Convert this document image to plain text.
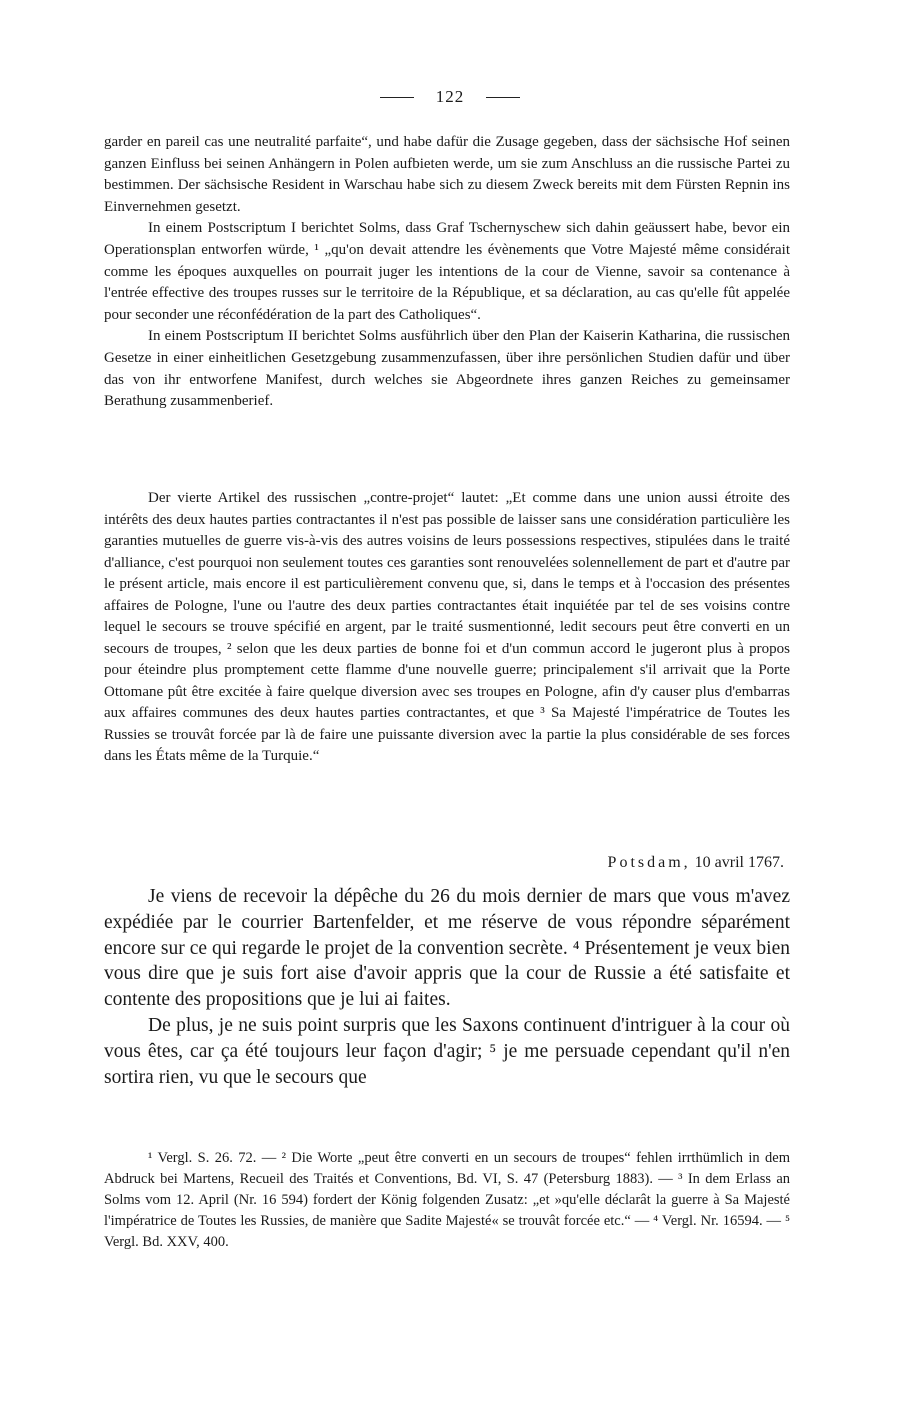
122

garder en pareil cas une neutralité parfaite“, und habe dafür die Zusage gegeben, dass der sächsische Hof seinen ganzen Einfluss bei seinen Anhängern in Polen aufbieten werde, um sie zum Anschluss an die russische Partei zu bestimmen. Der sächsische Resident in Warschau habe sich zu diesem Zweck bereits mit dem Fürsten Repnin ins Einvernehmen gesetzt.

In einem Postscriptum I berichtet Solms, dass Graf Tschernyschew sich dahin geäussert habe, bevor ein Operationsplan entworfen würde, ¹ „qu'on devait attendre les évènements que Votre Majesté même considérait comme les époques auxquelles on pourrait juger les intentions de la cour de Vienne, savoir sa contenance à l'entrée effective des troupes russes sur le territoire de la République, et sa déclaration, au cas qu'elle fût appelée pour seconder une réconfédération de la part des Catholiques“.

In einem Postscriptum II berichtet Solms ausführlich über den Plan der Kaiserin Katharina, die russischen Gesetze in einer einheitlichen Gesetzgebung zusammenzufassen, über ihre persönlichen Studien dafür und über das von ihr entworfene Manifest, durch welches sie Abgeordnete ihres ganzen Reiches zu gemeinsamer Berathung zusammenberief.

Der vierte Artikel des russischen „contre-projet“ lautet: „Et comme dans une union aussi étroite des intérêts des deux hautes parties contractantes il n'est pas possible de laisser sans une considération particulière les garanties mutuelles de guerre vis-à-vis des autres voisins de leurs possessions respectives, stipulées dans le traité d'alliance, c'est pourquoi non seulement toutes ces garanties sont renouvelées solennellement de part et d'autre par le présent article, mais encore il est particulièrement convenu que, si, dans le temps et à l'occasion des présentes affaires de Pologne, l'une ou l'autre des deux parties contractantes était inquiétée par tel de ses voisins contre lequel le secours se trouve spécifié en argent, par le traité susmentionné, ledit secours peut être converti en un secours de troupes, ² selon que les deux parties de bonne foi et d'un commun accord le jugeront plus à propos pour éteindre plus promptement cette flamme d'une nouvelle guerre; principalement s'il arrivait que la Porte Ottomane pût être excitée à faire quelque diversion avec ses troupes en Pologne, afin d'y causer plus d'embarras aux affaires communes des deux hautes parties contractantes, et que ³ Sa Majesté l'impératrice de Toutes les Russies se trouvât forcée par là de faire une puissante diversion avec la partie la plus considérable de ses forces dans les États même de la Turquie.“

Potsdam, 10 avril 1767.

Je viens de recevoir la dépêche du 26 du mois dernier de mars que vous m'avez expédiée par le courrier Bartenfelder, et me réserve de vous répondre séparément encore sur ce qui regarde le projet de la convention secrète. ⁴ Présentement je veux bien vous dire que je suis fort aise d'avoir appris que la cour de Russie a été satisfaite et contente des propositions que je lui ai faites.

De plus, je ne suis point surpris que les Saxons continuent d'intriguer à la cour où vous êtes, car ça été toujours leur façon d'agir; ⁵ je me persuade cependant qu'il n'en sortira rien, vu que le secours que

¹ Vergl. S. 26. 72. — ² Die Worte „peut être converti en un secours de troupes“ fehlen irrthümlich in dem Abdruck bei Martens, Recueil des Traités et Conventions, Bd. VI, S. 47 (Petersburg 1883). — ³ In dem Erlass an Solms vom 12. April (Nr. 16 594) fordert der König folgenden Zusatz: „et »qu'elle déclarât la guerre à Sa Majesté l'impératrice de Toutes les Russies, de manière que Sadite Majesté« se trouvât forcée etc.“ — ⁴ Vergl. Nr. 16594. — ⁵ Vergl. Bd. XXV, 400.
